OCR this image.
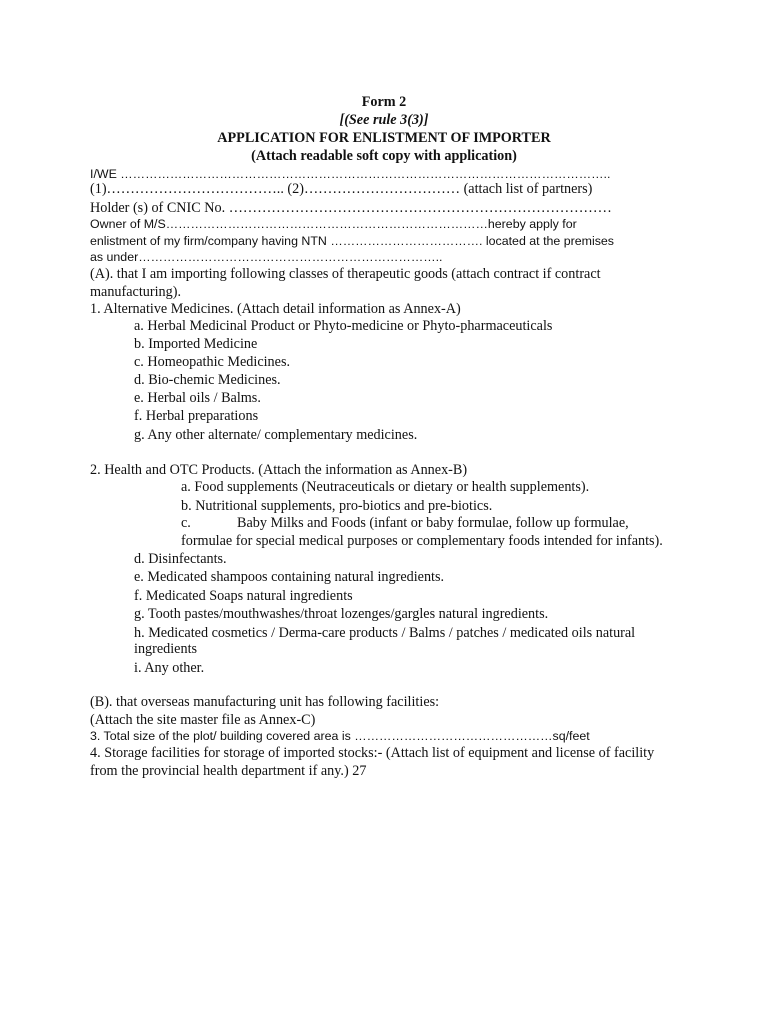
Form 2
[(See rule 3(3)]
APPLICATION FOR ENLISTMENT OF IMPORTER
(Attach readable soft copy with application)
I/WE ………………………………………………………………………………………………………..
(1)……………………………….. (2)…………………………… (attach list of partners)
Holder (s) of CNIC No. ………………………………………………………………………
Owner of M/S……………………………………………………………………hereby apply for
enlistment of my firm/company having NTN ………………………………. located at the premises
as under………………………………………………………………..
(A). that I am importing following classes of therapeutic goods (attach contract if contract
manufacturing).
1. Alternative Medicines. (Attach detail information as Annex-A)
a. Herbal Medicinal Product or Phyto-medicine or Phyto-pharmaceuticals
b. Imported Medicine
c. Homeopathic Medicines.
d. Bio-chemic Medicines.
e. Herbal oils / Balms.
f. Herbal preparations
g. Any other alternate/ complementary medicines.
2. Health and OTC Products. (Attach the information as Annex-B)
a. Food supplements (Neutraceuticals or dietary or health supplements).
b. Nutritional supplements, pro-biotics and pre-biotics.
c.	Baby Milks and Foods (infant or baby formulae, follow up formulae,
formulae for special medical purposes or complementary foods intended for infants).
d. Disinfectants.
e. Medicated shampoos containing natural ingredients.
f. Medicated Soaps natural ingredients
g. Tooth pastes/mouthwashes/throat lozenges/gargles natural ingredients.
h. Medicated cosmetics / Derma-care products / Balms / patches / medicated oils natural
ingredients
i. Any other.
(B). that overseas manufacturing unit has following facilities:
(Attach the site master file as Annex-C)
3. Total size of the plot/ building covered area is …………………………………………sq/feet
4. Storage facilities for storage of imported stocks:- (Attach list of equipment and license of facility
from the provincial health department if any.) 27
